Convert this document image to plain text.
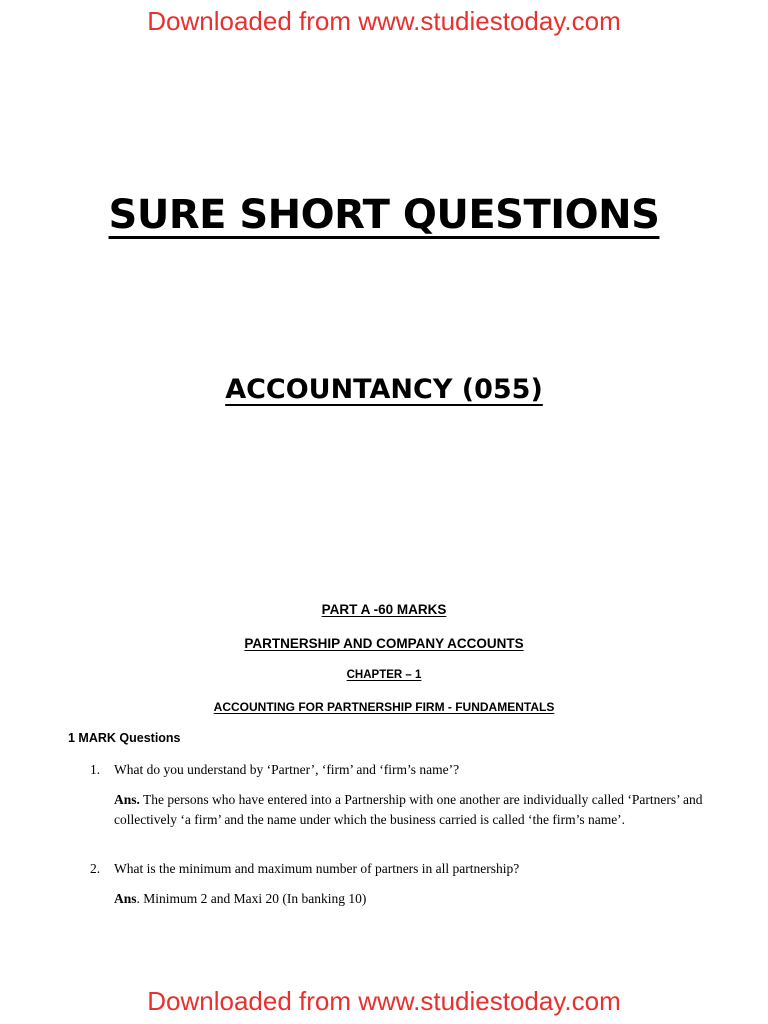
Downloaded from www.studiestoday.com

SURE SHORT QUESTIONS
ACCOUNTANCY (055)

PART A -60 MARKS

PARTNERSHIP AND COMPANY ACCOUNTS

CHAPTER – 1

ACCOUNTING FOR PARTNERSHIP FIRM - FUNDAMENTALS

1 MARK Questions

1. What do you understand by ‘Partner’, ‘firm’ and ‘firm’s name’?
Ans. The persons who have entered into a Partnership with one another are individually called ‘Partners’ and collectively ‘a firm’ and the name under which the business carried is called ‘the firm’s name’.
2. What is the minimum and maximum number of partners in all partnership?
Ans. Minimum 2 and Maxi 20 (In banking 10)

Downloaded from www.studiestoday.com
